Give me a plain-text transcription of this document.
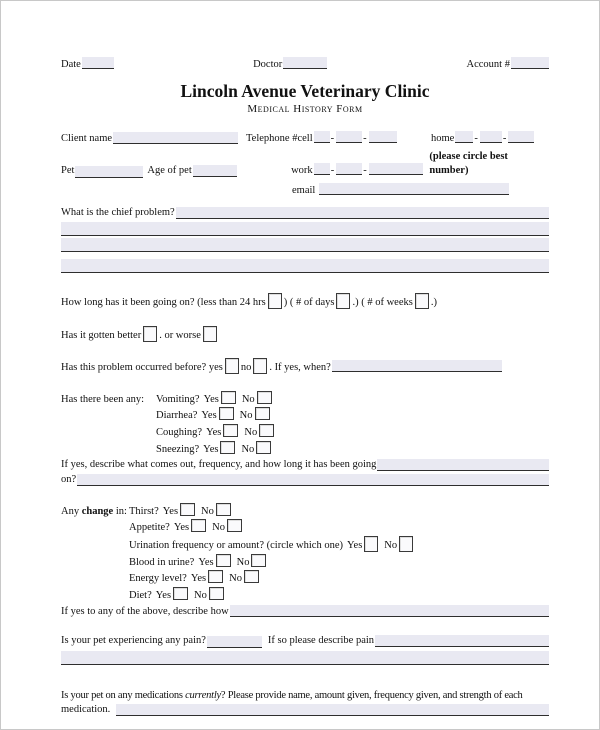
Date	Doctor	Account #
Lincoln Avenue Veterinary Clinic
Medical History Form
Client name	Telephone #cell -	-	home - -
Pet	Age of pet	work -	-
(please circle best number)
email
What is the chief problem?
How long has it been going on? (less than 24 hrs ) ( # of days .) ( # of weeks .)
Has it gotten better . or worse
Has this problem occurred before? yes no . If yes, when?
Has there been any: Vomiting? Yes No
Diarrhea? Yes No
Coughing? Yes No
Sneezing? Yes No
If yes, describe what comes out, frequency, and how long it has been going
on?
Any change in: Thirst? Yes No
Appetite? Yes No
Urination frequency or amount? (circle which one) Yes No
Blood in urine? Yes No
Energy level? Yes No
Diet? Yes No
If yes to any of the above, describe how
Is your pet experiencing any pain?	If so please describe pain
Is your pet on any medications currently? Please provide name, amount given, frequency given, and strength of each
medication.
